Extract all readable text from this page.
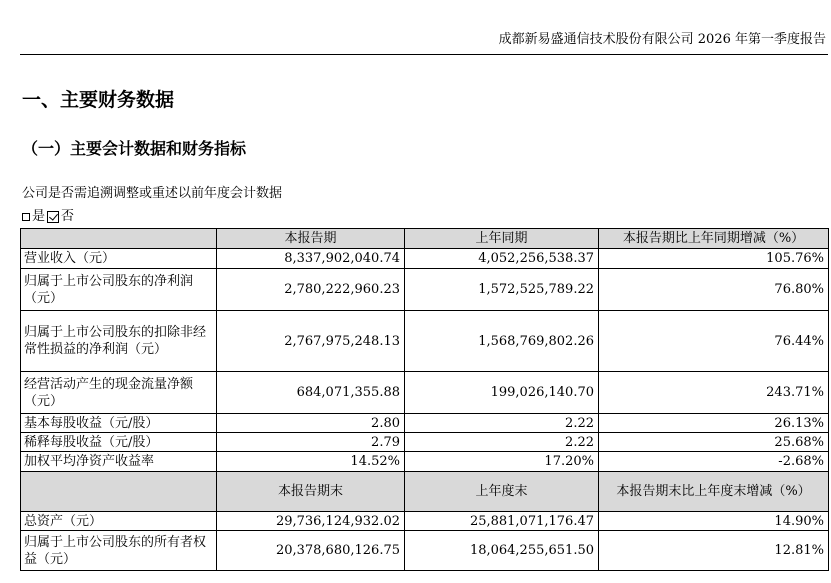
成都新易盛通信技术股份有限公司 2026 年第一季度报告
一、主要财务数据
（一）主要会计数据和财务指标
公司是否需追溯调整或重述以前年度会计数据
是 否
	本报告期	上年同期	本报告期比上年同期增减（%）
营业收入（元）	8,337,902,040.74	4,052,256,538.37	105.76%
归属于上市公司股东的净利润（元）	2,780,222,960.23	1,572,525,789.22	76.80%
归属于上市公司股东的扣除非经常性损益的净利润（元）	2,767,975,248.13	1,568,769,802.26	76.44%
经营活动产生的现金流量净额（元）	684,071,355.88	199,026,140.70	243.71%
基本每股收益（元/股）	2.80	2.22	26.13%
稀释每股收益（元/股）	2.79	2.22	25.68%
加权平均净资产收益率	14.52%	17.20%	-2.68%
	本报告期末	上年度末	本报告期末比上年度末增减（%）
总资产（元）	29,736,124,932.02	25,881,071,176.47	14.90%
归属于上市公司股东的所有者权益（元）	20,378,680,126.75	18,064,255,651.50	12.81%
